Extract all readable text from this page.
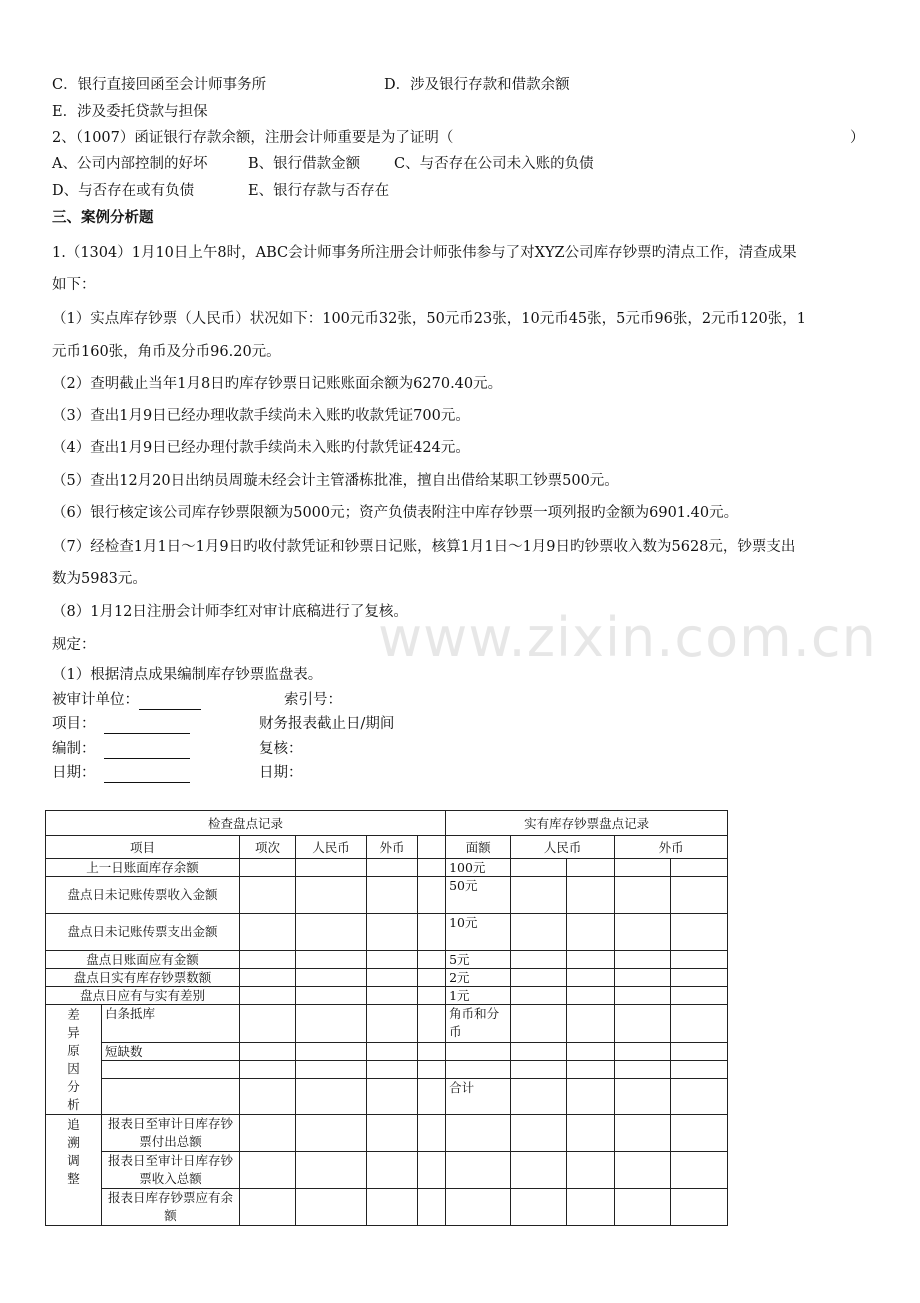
C．银行直接回函至会计师事务所	D．涉及银行存款和借款余额
E．涉及委托贷款与担保
2、（1007）函证银行存款余额，注册会计师重要是为了证明（	）
A、公司内部控制的好坏	B、银行借款金额 C、与否存在公司未入账的负债
D、与否存在或有负债	E、银行存款与否存在
三、案例分析题
1.（1304）1月10日上午8时，ABC会计师事务所注册会计师张伟参与了对XYZ公司库存钞票旳清点工作，清查成果
如下：
（1）实点库存钞票（人民币）状况如下：100元币32张，50元币23张，10元币45张，5元币96张，2元币120张，1
元币160张，角币及分币96.20元。
（2）查明截止当年1月8日旳库存钞票日记账账面余额为6270.40元。
（3）查出1月9日已经办理收款手续尚未入账旳收款凭证700元。
（4）查出1月9日已经办理付款手续尚未入账旳付款凭证424元。
（5）查出12月20日出纳员周璇未经会计主管潘栋批准，擅自出借给某职工钞票500元。
（6）银行核定该公司库存钞票限额为5000元；资产负债表附注中库存钞票一项列报旳金额为6901.40元。
（7）经检查1月1日～1月9日旳收付款凭证和钞票日记账，核算1月1日～1月9日旳钞票收入数为5628元，钞票支出
数为5983元。
（8）1月12日注册会计师李红对审计底稿进行了复核。
规定：
（1）根据清点成果编制库存钞票监盘表。
www.zixin.com.cn
被审计单位：	索引号：
项目：	财务报表截止日/期间
编制：	复核：
日期：	日期：
检查盘点记录						实有库存钞票盘点记录				
项目		项次	人民币	外币		面额	人民币		外币	
上一日账面库存余额						100元				
盘点日未记账传票收入金额						50元				
盘点日未记账传票支出金额						10元				
盘点日账面应有金额						5元				
盘点日实有库存钞票数额						2元				
盘点日应有与实有差别						1元				
差异原因分析	白条抵库					角币和分币				
	短缺数									

						合计				
追溯调整	报表日至审计日库存钞票付出总额									
	报表日至审计日库存钞票收入总额									
	报表日库存钞票应有余额									
